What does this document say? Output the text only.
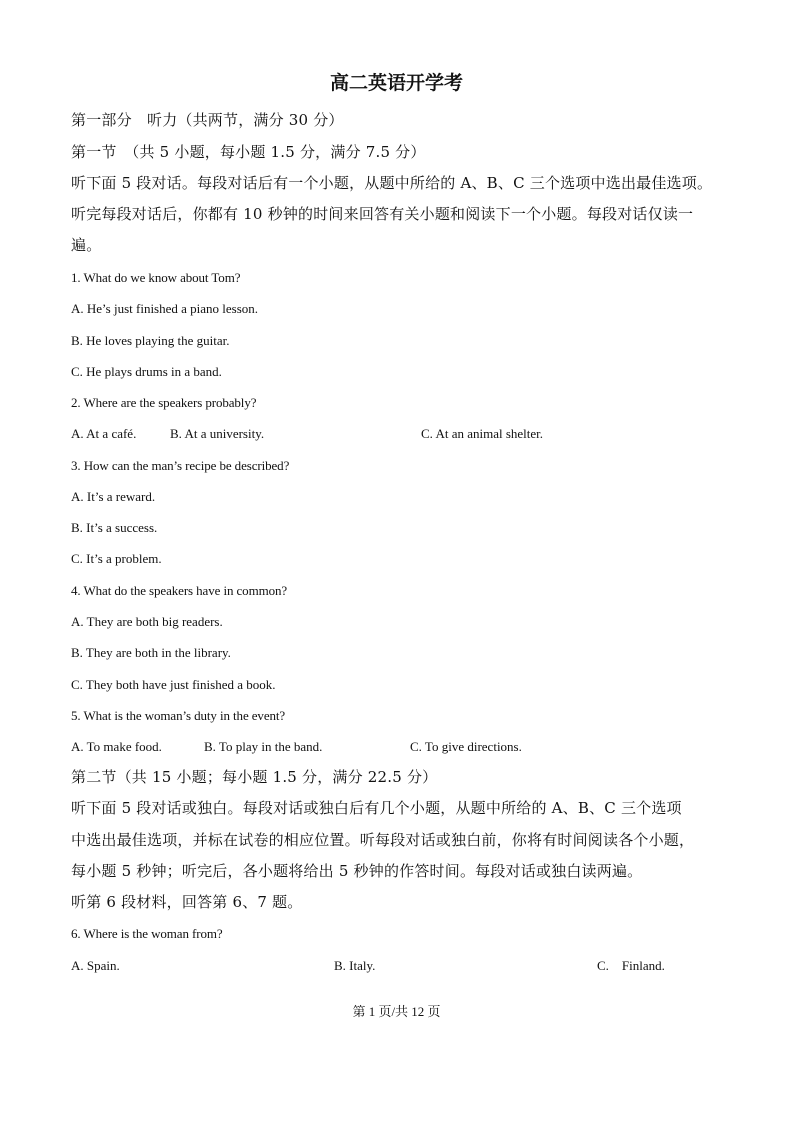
高二英语开学考
第一部分　听力（共两节，满分 30 分）
第一节　（共 5 小题，每小题 1.5 分，满分 7.5 分）
听下面 5 段对话。每段对话后有一个小题，从题中所给的 A、B、C 三个选项中选出最佳选项。
听完每段对话后，你都有 10 秒钟的时间来回答有关小题和阅读下一个小题。每段对话仅读一
遍。
1. What do we know about Tom?
A. He’s just finished a piano lesson.
B. He loves playing the guitar.
C. He plays drums in a band.
2. Where are the speakers probably?
A. At a café.	B. At a university.	C. At an animal shelter.
3. How can the man’s recipe be described?
A. It’s a reward.
B. It’s a success.
C. It’s a problem.
4. What do the speakers have in common?
A. They are both big readers.
B. They are both in the library.
C. They both have just finished a book.
5. What is the woman’s duty in the event?
A. To make food.	B. To play in the band.	C. To give directions.
第二节（共 15 小题；每小题 1.5 分，满分 22.5 分）
听下面 5 段对话或独白。每段对话或独白后有几个小题，从题中所给的 A、B、C 三个选项
中选出最佳选项，并标在试卷的相应位置。听每段对话或独白前，你将有时间阅读各个小题，
每小题 5 秒钟；听完后，各小题将给出 5 秒钟的作答时间。每段对话或独白读两遍。
听第 6 段材料，回答第 6、7 题。
6. Where is the woman from?
A. Spain.	B. Italy.	C.　Finland.
第 1 页/共 12 页
